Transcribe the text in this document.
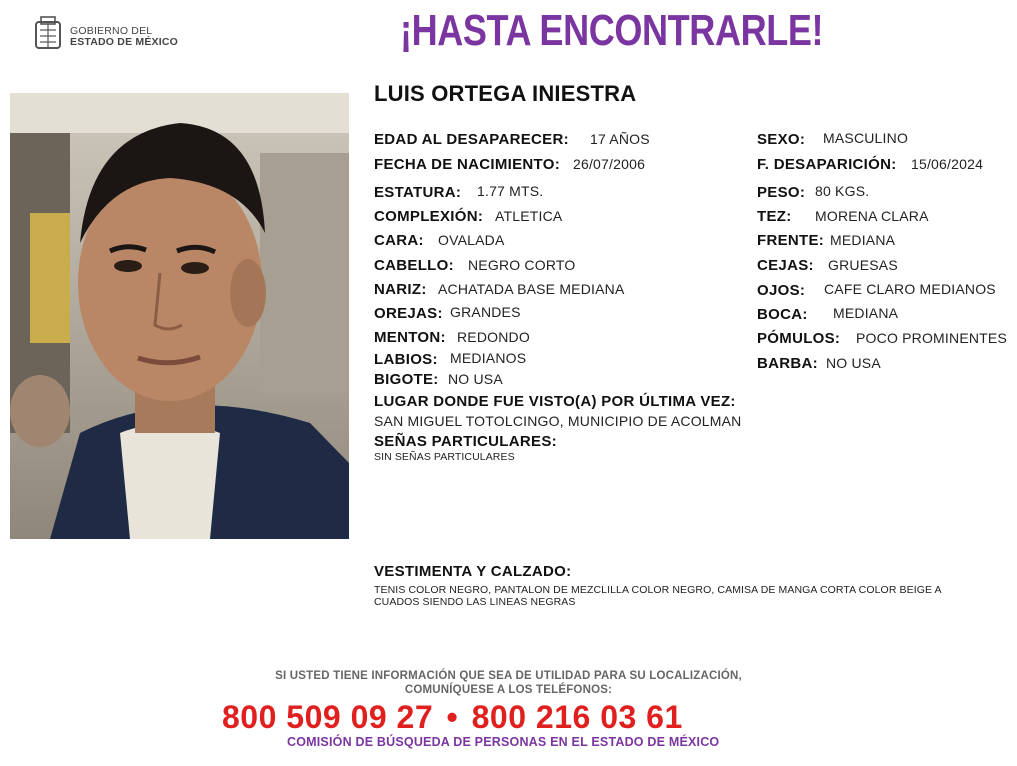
GOBIERNO DEL
ESTADO DE MÉXICO	¡HASTA ENCONTRARLE!
LUIS ORTEGA INIESTRA
EDAD AL DESAPARECER: 17 AÑOS
FECHA DE NACIMIENTO: 26/07/2006
ESTATURA: 1.77 MTS.
COMPLEXIÓN: ATLETICA
CARA: OVALADA
CABELLO: NEGRO CORTO
NARIZ: ACHATADA BASE MEDIANA
OREJAS: GRANDES
MENTON: REDONDO
LABIOS: MEDIANOS
BIGOTE: NO USA
SEXO: MASCULINO
F. DESAPARICIÓN: 15/06/2024
PESO: 80 KGS.
TEZ: MORENA CLARA
FRENTE: MEDIANA
CEJAS: GRUESAS
OJOS: CAFE CLARO MEDIANOS
BOCA: MEDIANA
PÓMULOS: POCO PROMINENTES
BARBA: NO USA
LUGAR DONDE FUE VISTO(A) POR ÚLTIMA VEZ:
SAN MIGUEL TOTOLCINGO, MUNICIPIO DE ACOLMAN
SEÑAS PARTICULARES:
SIN SEÑAS PARTICULARES
VESTIMENTA Y CALZADO:
TENIS COLOR NEGRO, PANTALON DE MEZCLILLA COLOR NEGRO, CAMISA DE MANGA CORTA COLOR BEIGE A
CUADOS SIENDO LAS LINEAS NEGRAS
SI USTED TIENE INFORMACIÓN QUE SEA DE UTILIDAD PARA SU LOCALIZACIÓN,
COMUNÍQUESE A LOS TELÉFONOS:
800 509 09 27 • 800 216 03 61
COMISIÓN DE BÚSQUEDA DE PERSONAS EN EL ESTADO DE MÉXICO
